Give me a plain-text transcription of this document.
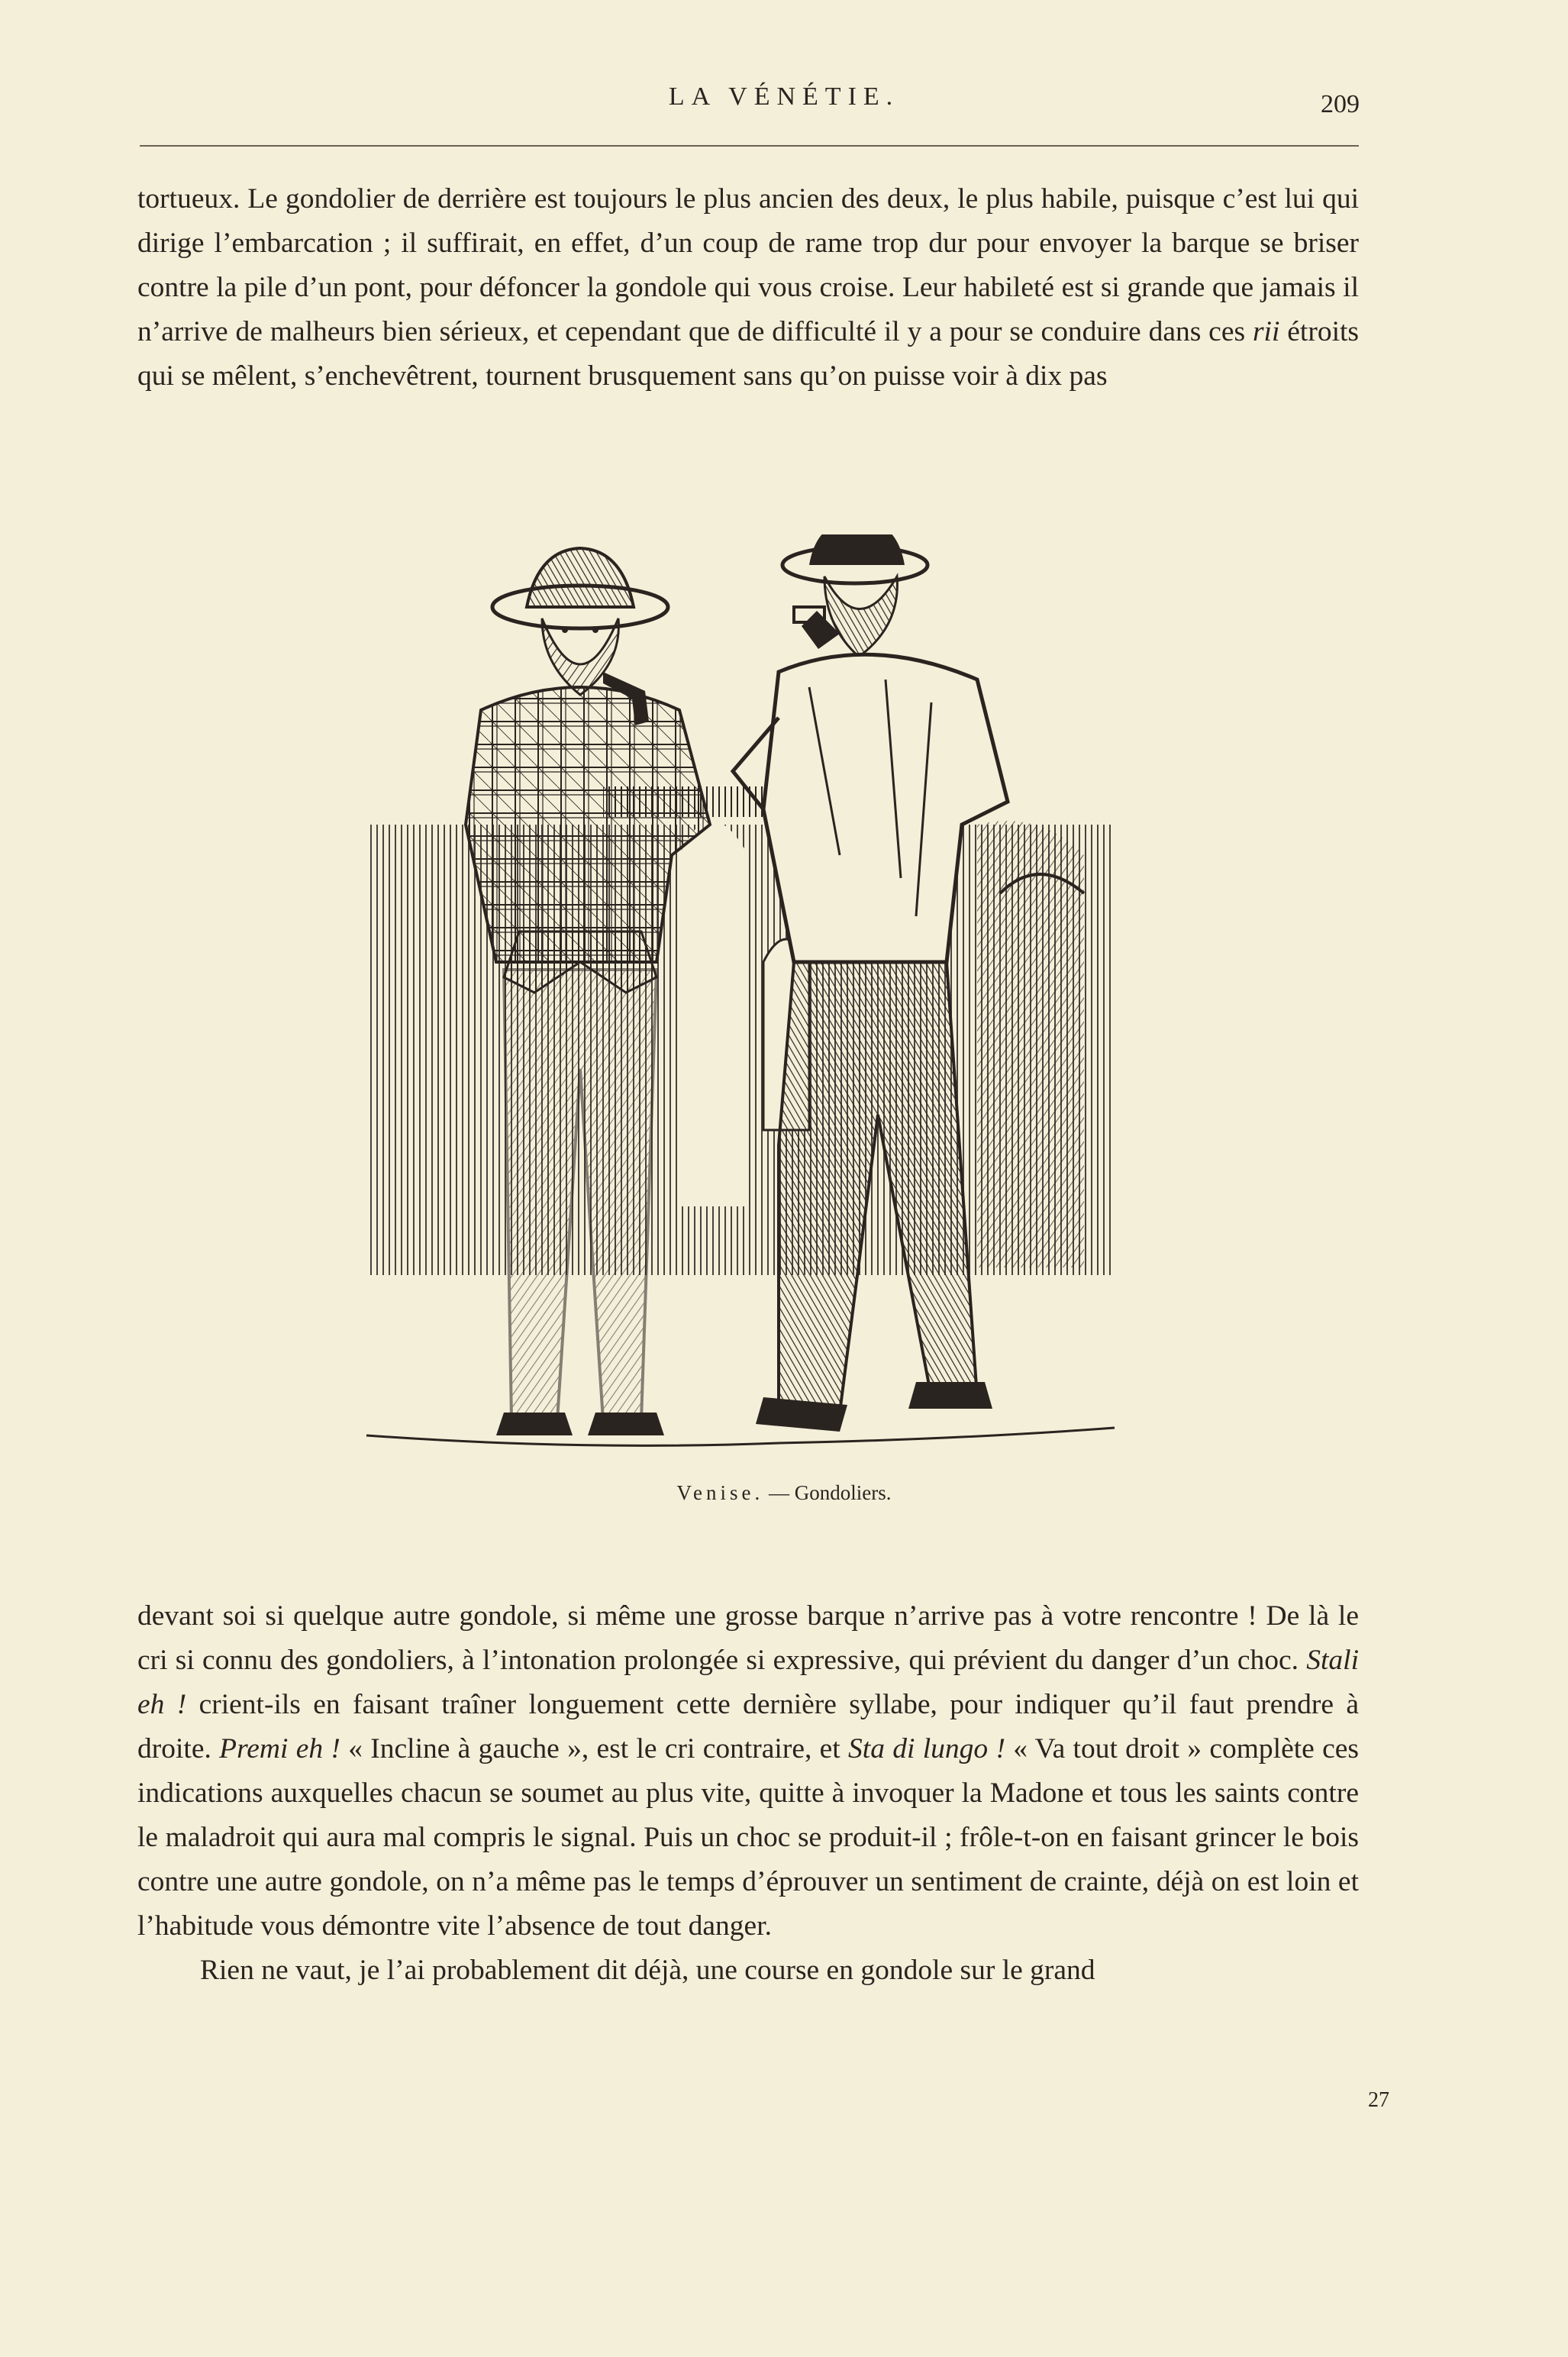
LA VÉNÉTIE.	209

tortueux. Le gondolier de derrière est toujours le plus ancien des deux, le plus habile, puisque c’est lui qui dirige l’embarcation ; il suffirait, en effet, d’un coup de rame trop dur pour envoyer la barque se briser contre la pile d’un pont, pour défoncer la gondole qui vous croise. Leur habileté est si grande que jamais il n’arrive de malheurs bien sérieux, et cependant que de difficulté il y a pour se conduire dans ces rii étroits qui se mêlent, s’enchevêtrent, tournent brusquement sans qu’on puisse voir à dix pas

Venise. — Gondoliers.

devant soi si quelque autre gondole, si même une grosse barque n’arrive pas à votre rencontre ! De là le cri si connu des gondoliers, à l’intonation prolongée si expressive, qui prévient du danger d’un choc. Stali eh ! crient-ils en faisant traîner longuement cette dernière syllabe, pour indiquer qu’il faut prendre à droite. Premi eh ! « Incline à gauche », est le cri contraire, et Sta di lungo ! « Va tout droit » complète ces indications auxquelles chacun se soumet au plus vite, quitte à invoquer la Madone et tous les saints contre le maladroit qui aura mal compris le signal. Puis un choc se produit-il ; frôle-t-on en faisant grincer le bois contre une autre gondole, on n’a même pas le temps d’éprouver un sentiment de crainte, déjà on est loin et l’habitude vous démontre vite l’absence de tout danger.

Rien ne vaut, je l’ai probablement dit déjà, une course en gondole sur le grand

27
